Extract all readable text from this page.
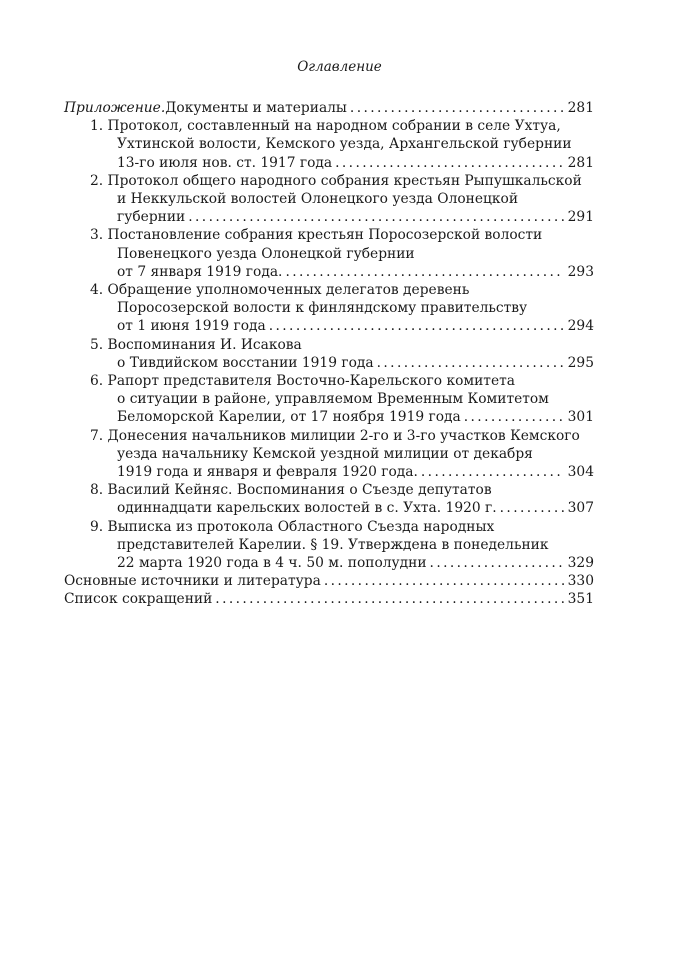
Оглавление
Приложение. Документы и материалы . . .	281
1. Протокол, составленный на народном собрании в селе Ухтуа,
Ухтинской волости, Кемского уезда, Архангельской губернии
13-го июля нов. ст. 1917 года . . .	281
2. Протокол общего народного собрания крестьян Рыпушкальской
и Неккульской волостей Олонецкого уезда Олонецкой
губернии . . .	291
3. Постановление собрания крестьян Поросозерской волости
Повенецкого уезда Олонецкой губернии
от 7 января 1919 года. . . .	293
4. Обращение уполномоченных делегатов деревень
Поросозерской волости к финляндскому правительству
от 1 июня 1919 года . . .	294
5. Воспоминания И. Исакова
о Тивдийском восстании 1919 года . . .	295
6. Рапорт представителя Восточно-Карельского комитета
о ситуации в районе, управляемом Временным Комитетом
Беломорской Карелии, от 17 ноября 1919 года . . .	301
7. Донесения начальников милиции 2-го и 3-го участков Кемского
уезда начальнику Кемской уездной милиции от декабря
1919 года и января и февраля 1920 года. . . .	304
8. Василий Кейняс. Воспоминания о Съезде депутатов
одиннадцати карельских волостей в с. Ухта. 1920 г. . . .	307
9. Выписка из протокола Областного Съезда народных
представителей Карелии. § 19. Утверждена в понедельник
22 марта 1920 года в 4 ч. 50 м. пополудни . . .	329
Основные источники и литература . . .	330
Список сокращений . . .	351
